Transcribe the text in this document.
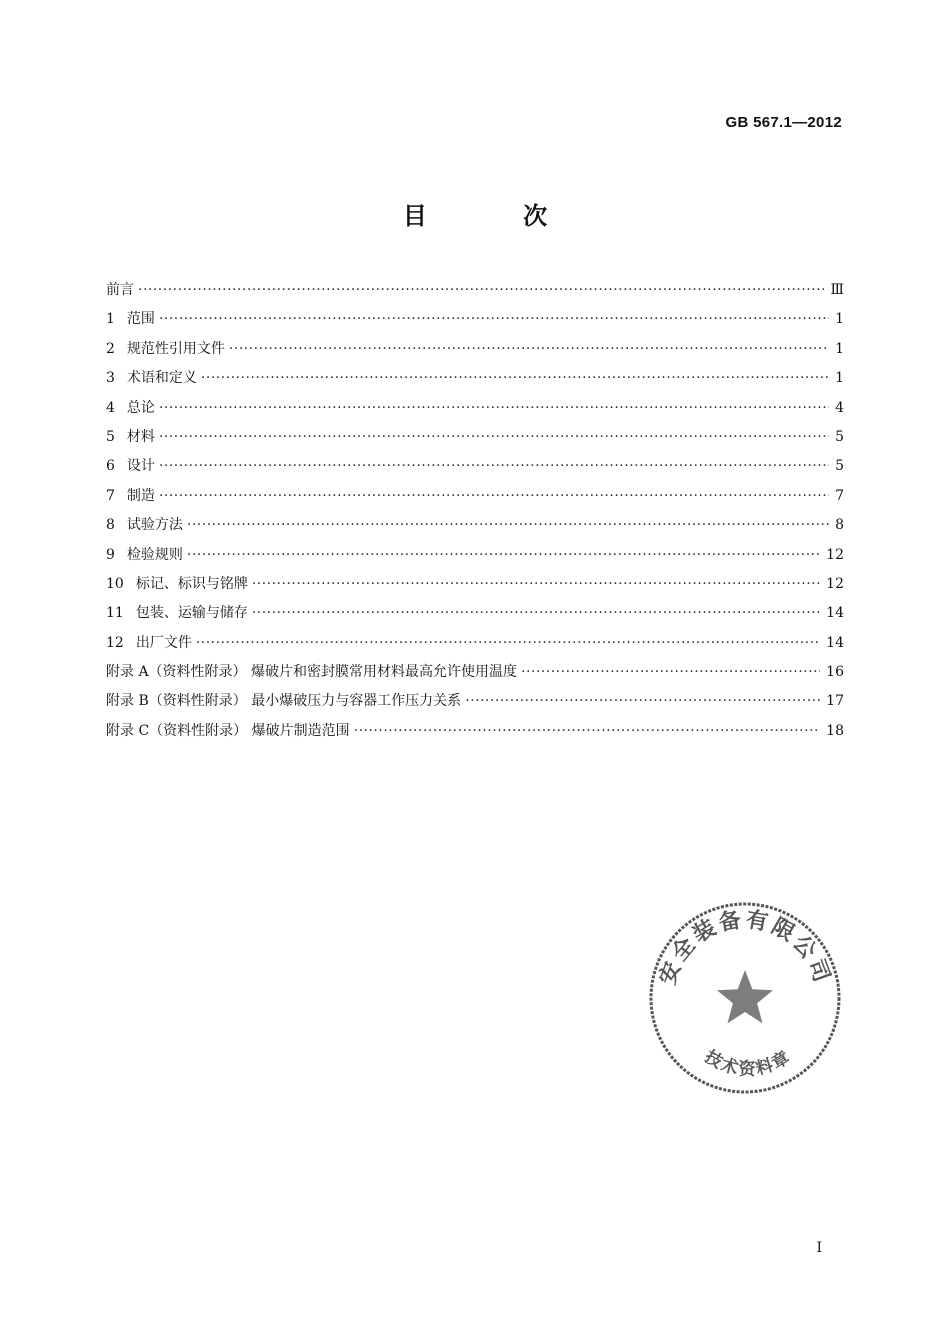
GB 567.1—2012
目 次
前言 ·····	Ⅲ
1 范围 ·····	1
2 规范性引用文件 ·····	1
3 术语和定义 ·····	1
4 总论 ·····	4
5 材料 ·····	5
6 设计 ·····	5
7 制造 ·····	7
8 试验方法 ·····	8
9 检验规则 ·····	12
10 标记、标识与铭牌 ·····	12
11 包装、运输与储存 ·····	14
12 出厂文件 ·····	14
附录 A（资料性附录） 爆破片和密封膜常用材料最高允许使用温度 ·····	16
附录 B（资料性附录） 最小爆破压力与容器工作压力关系 ·····	17
附录 C（资料性附录） 爆破片制造范围 ·····	18
安全装备有限公司
技术资料章
I
